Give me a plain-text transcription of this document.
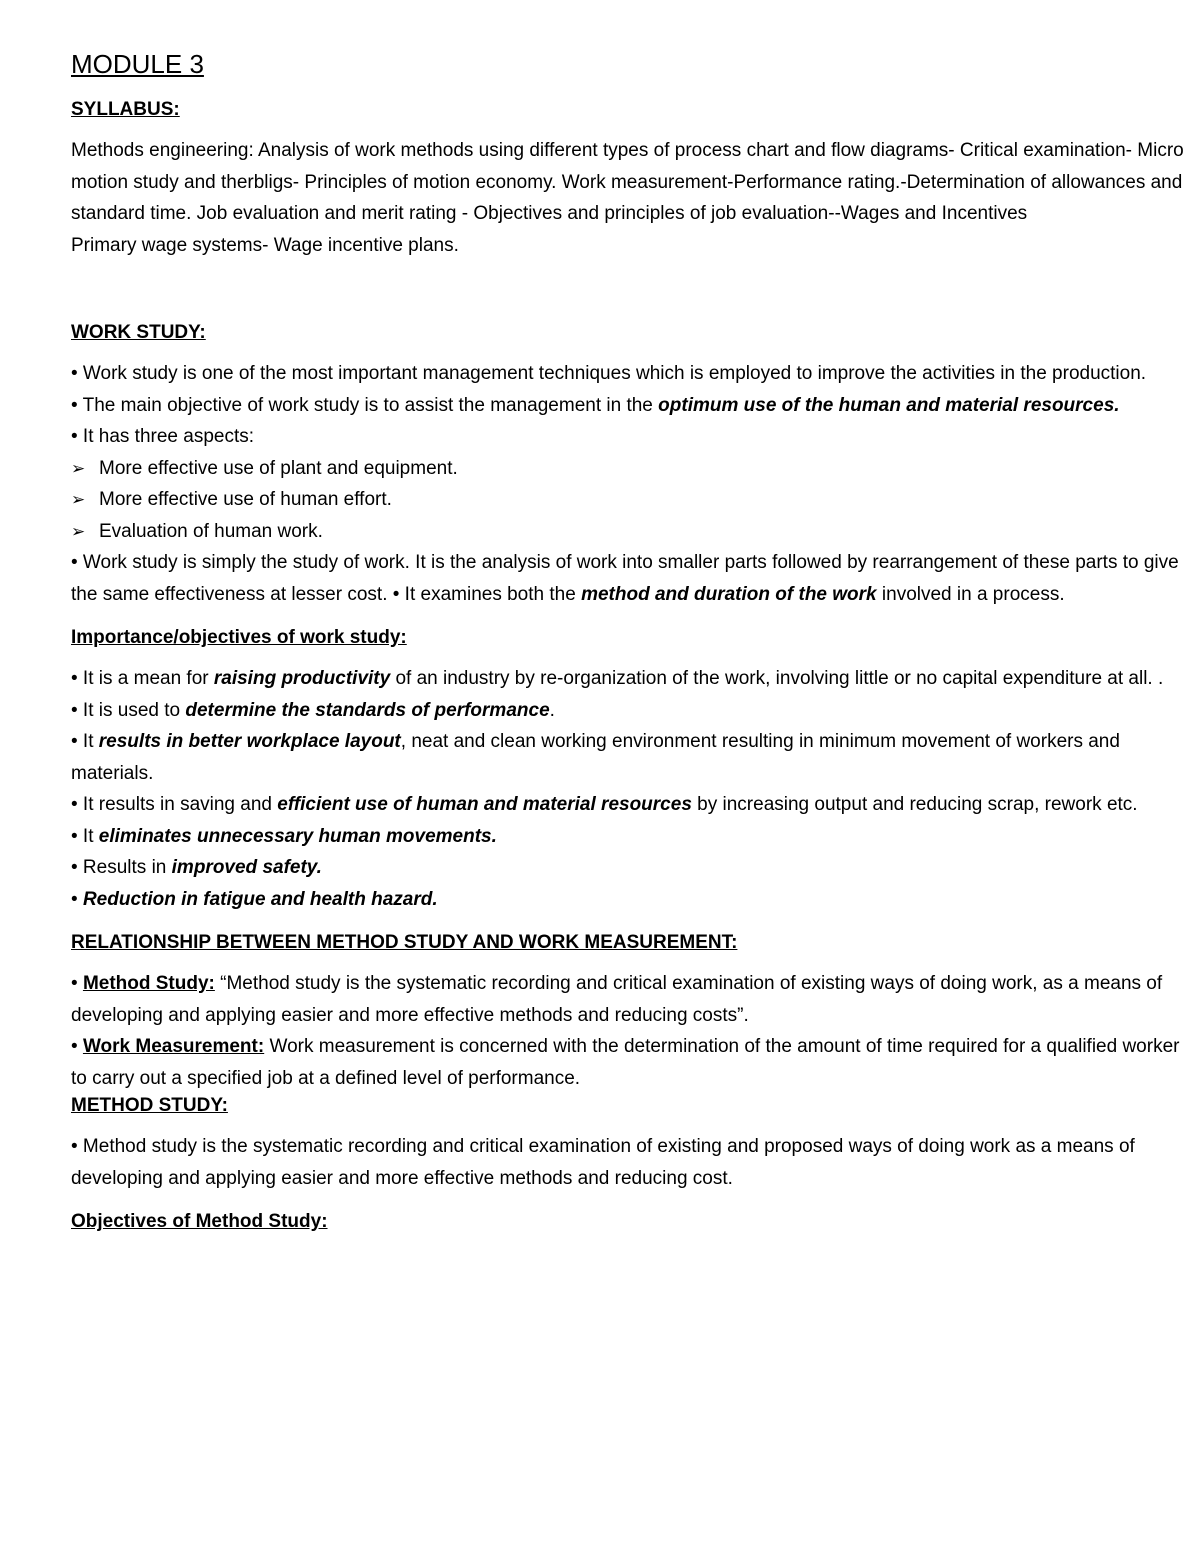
MODULE 3
SYLLABUS:

Methods engineering: Analysis of work methods using different types of process chart and flow diagrams- Critical examination- Micro motion study and therbligs- Principles of motion economy. Work measurement-Performance rating.-Determination of allowances and standard time. Job evaluation and merit rating - Objectives and principles of job evaluation--Wages and Incentives

Primary wage systems- Wage incentive plans.

WORK STUDY:

• Work study is one of the most important management techniques which is employed to improve the activities in the production.

• The main objective of work study is to assist the management in the optimum use of the human and material resources.

• It has three aspects:

➢ More effective use of plant and equipment.

➢ More effective use of human effort.

➢ Evaluation of human work.

• Work study is simply the study of work. It is the analysis of work into smaller parts followed by rearrangement of these parts to give the same effectiveness at lesser cost. • It examines both the method and duration of the work involved in a process.

Importance/objectives of work study:

• It is a mean for raising productivity of an industry by re-organization of the work, involving little or no capital expenditure at all. .

• It is used to determine the standards of performance.

• It results in better workplace layout, neat and clean working environment resulting in minimum movement of workers and materials.

• It results in saving and efficient use of human and material resources by increasing output and reducing scrap, rework etc.

• It eliminates unnecessary human movements.

• Results in improved safety.

• Reduction in fatigue and health hazard.

RELATIONSHIP BETWEEN METHOD STUDY AND WORK MEASUREMENT:

• Method Study: “Method study is the systematic recording and critical examination of existing ways of doing work, as a means of developing and applying easier and more effective methods and reducing costs”.

• Work Measurement: Work measurement is concerned with the determination of the amount of time required for a qualified worker to carry out a specified job at a defined level of performance.

METHOD STUDY:

• Method study is the systematic recording and critical examination of existing and proposed ways of doing work as a means of developing and applying easier and more effective methods and reducing cost.

Objectives of Method Study:
